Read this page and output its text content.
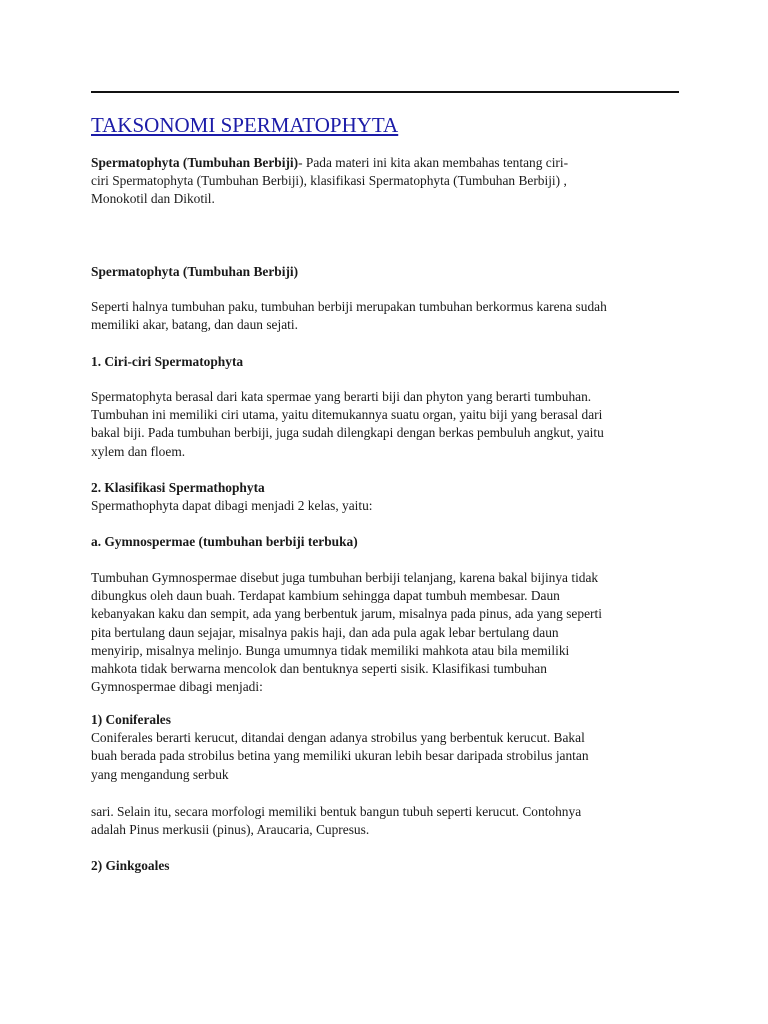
TAKSONOMI SPERMATOPHYTA
Spermatophyta (Tumbuhan Berbiji)- Pada materi ini kita akan membahas tentang ciri-
ciri Spermatophyta (Tumbuhan Berbiji), klasifikasi Spermatophyta (Tumbuhan Berbiji) ,
Monokotil dan Dikotil.
Spermatophyta (Tumbuhan Berbiji)
Seperti halnya tumbuhan paku, tumbuhan berbiji merupakan tumbuhan berkormus karena sudah
memiliki akar, batang, dan daun sejati.
1. Ciri-ciri Spermatophyta
Spermatophyta berasal dari kata spermae yang berarti biji dan phyton yang berarti tumbuhan.
Tumbuhan ini memiliki ciri utama, yaitu ditemukannya suatu organ, yaitu biji yang berasal dari
bakal biji. Pada tumbuhan berbiji, juga sudah dilengkapi dengan berkas pembuluh angkut, yaitu
xylem dan floem.
2. Klasifikasi Spermathophyta
Spermathophyta dapat dibagi menjadi 2 kelas, yaitu:
a. Gymnospermae (tumbuhan berbiji terbuka)
Tumbuhan Gymnospermae disebut juga tumbuhan berbiji telanjang, karena bakal bijinya tidak
dibungkus oleh daun buah. Terdapat kambium sehingga dapat tumbuh membesar. Daun
kebanyakan kaku dan sempit, ada yang berbentuk jarum, misalnya pada pinus, ada yang seperti
pita bertulang daun sejajar, misalnya pakis haji, dan ada pula agak lebar bertulang daun
menyirip, misalnya melinjo. Bunga umumnya tidak memiliki mahkota atau bila memiliki
mahkota tidak berwarna mencolok dan bentuknya seperti sisik. Klasifikasi tumbuhan
Gymnospermae dibagi menjadi:
1) Coniferales
Coniferales berarti kerucut, ditandai dengan adanya strobilus yang berbentuk kerucut. Bakal
buah berada pada strobilus betina yang memiliki ukuran lebih besar daripada strobilus jantan
yang mengandung serbuk
sari. Selain itu, secara morfologi memiliki bentuk bangun tubuh seperti kerucut. Contohnya
adalah Pinus merkusii (pinus), Araucaria, Cupresus.
2) Ginkgoales
